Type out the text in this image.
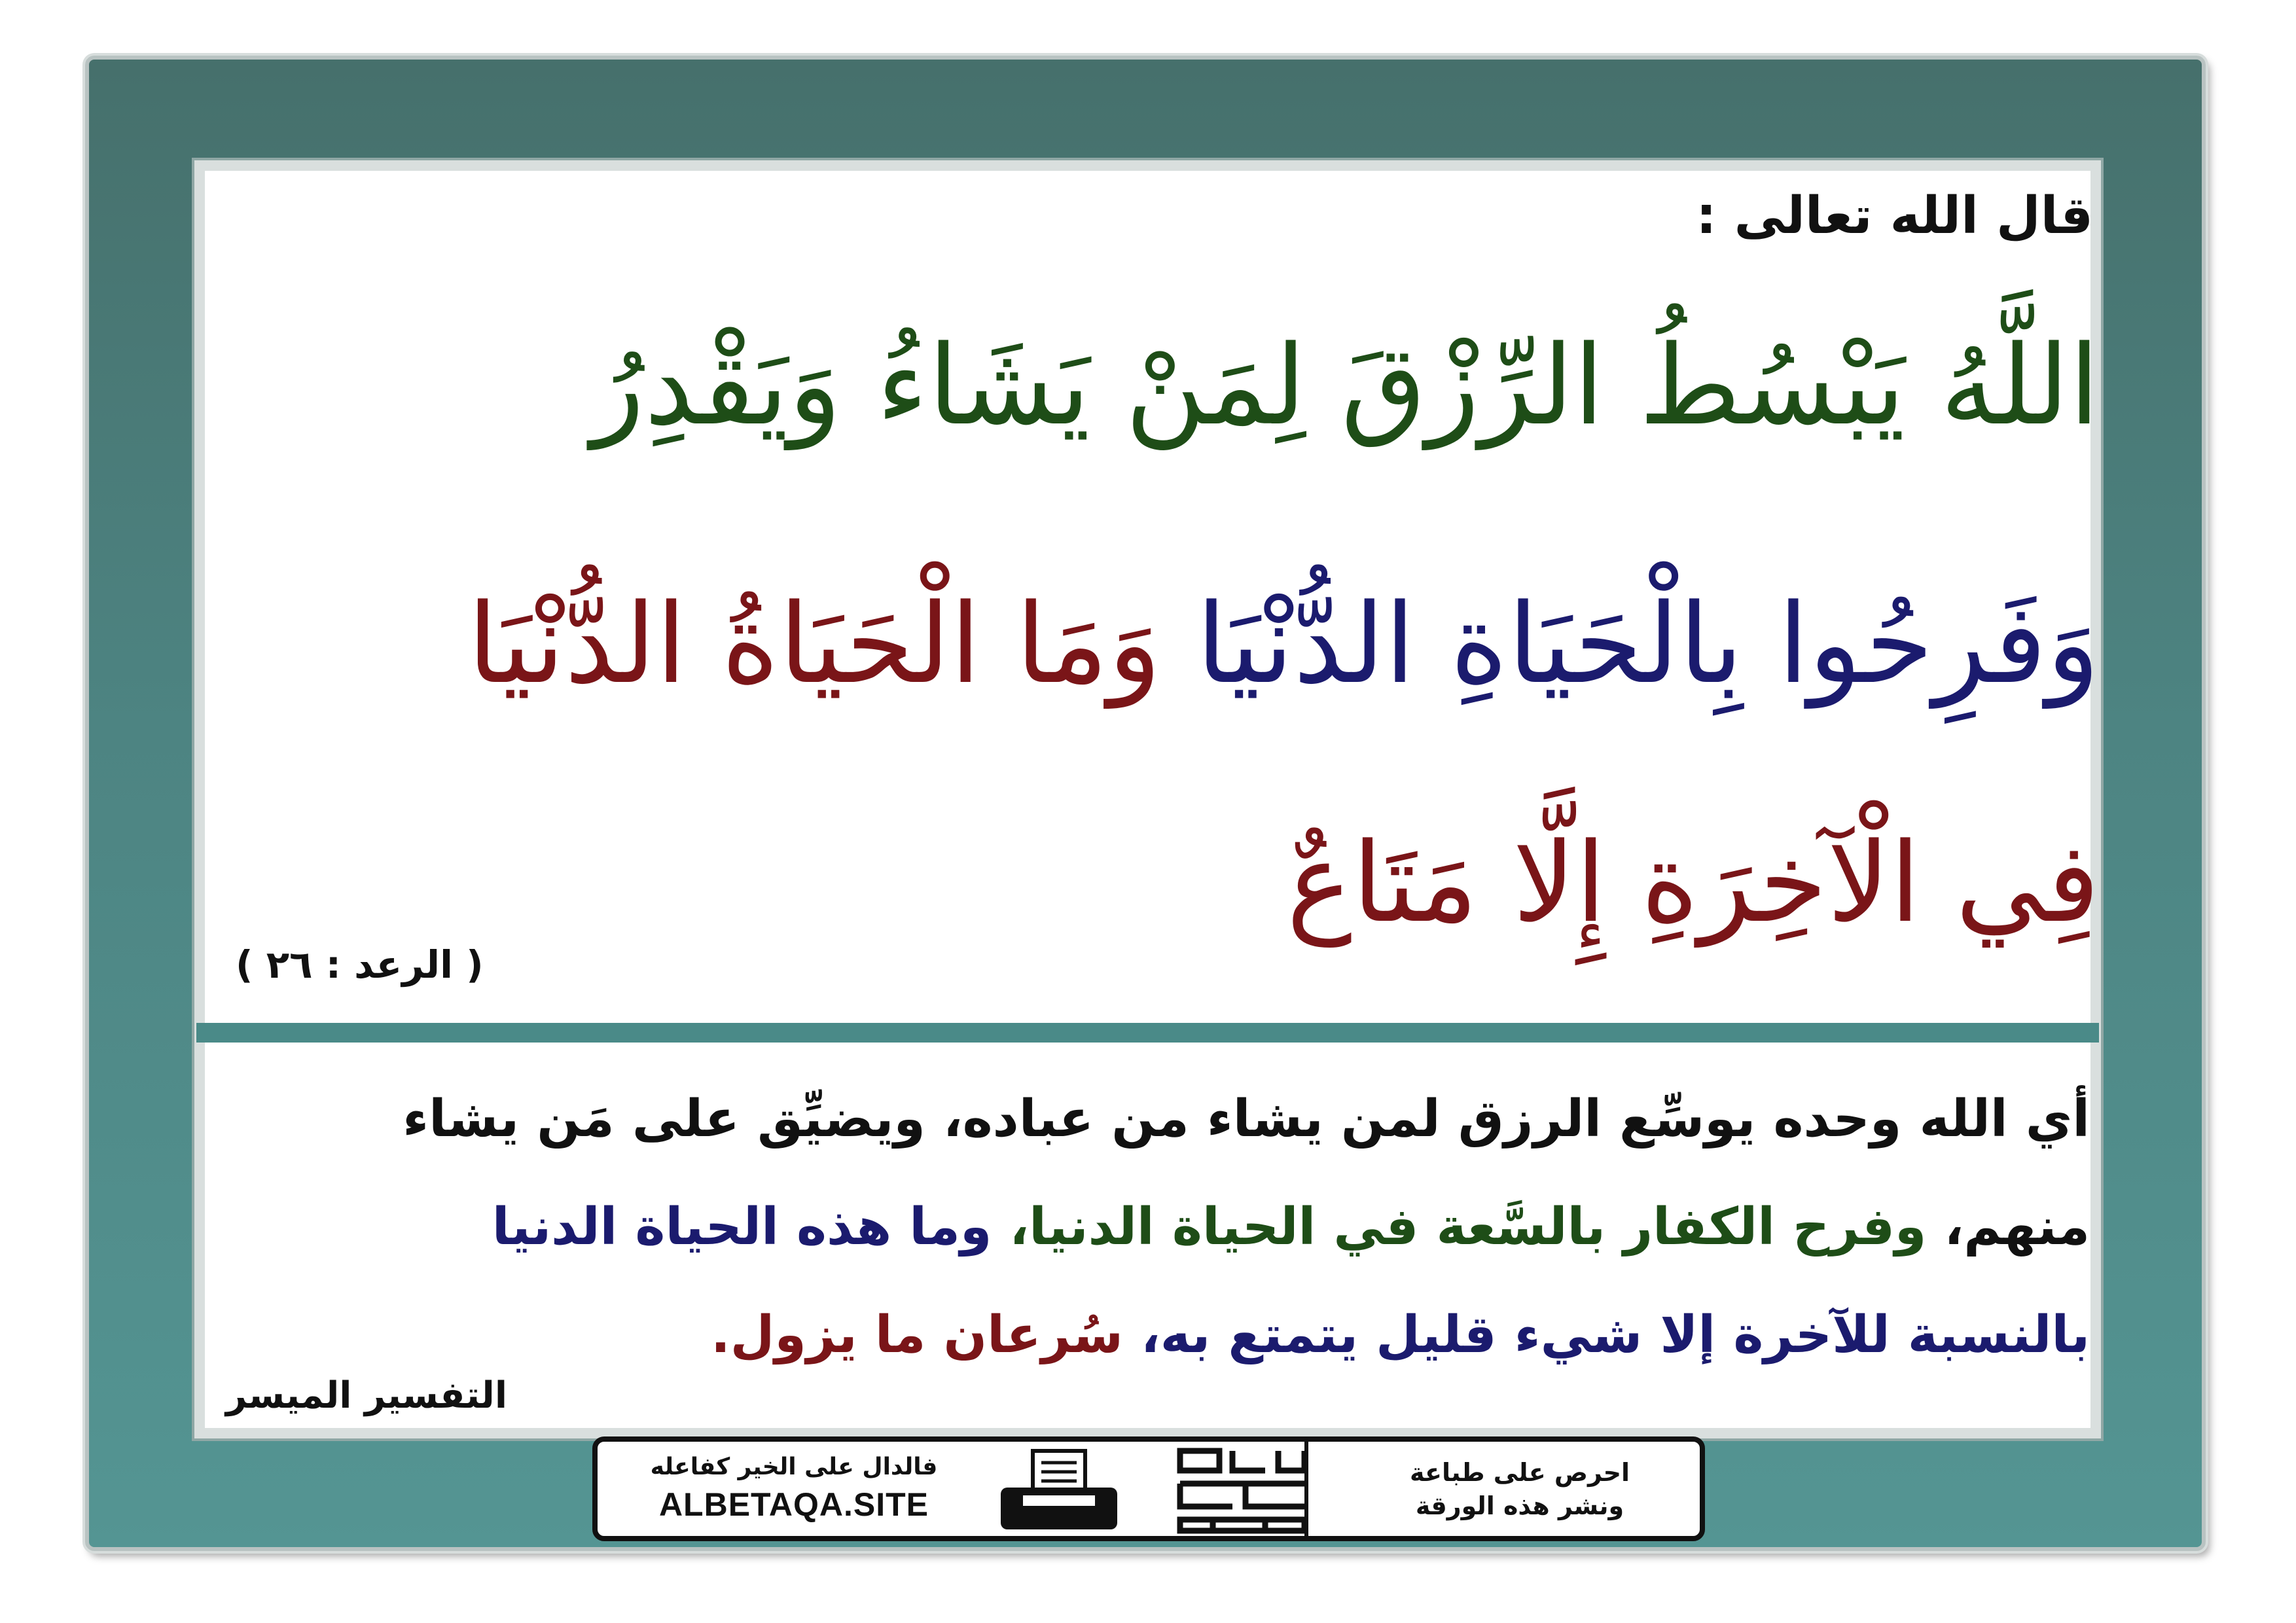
قال الله تعالى :
اللَّهُ يَبْسُطُ الرِّزْقَ لِمَنْ يَشَاءُ وَيَقْدِرُ
وَفَرِحُوا بِالْحَيَاةِ الدُّنْيَا وَمَا الْحَيَاةُ الدُّنْيَا
فِي الْآخِرَةِ إِلَّا مَتَاعٌ
( الرعد : ٢٦ )
أي الله وحده يوسِّع الرزق لمن يشاء من عباده، ويضيِّق على مَن يشاء
منهم، وفرح الكفار بالسَّعة في الحياة الدنيا، وما هذه الحياة الدنيا
بالنسبة للآخرة إلا شيء قليل يتمتع به، سُرعان ما يزول.
التفسير الميسر
فالدال على الخير كفاعله
ALBETAQA.SITE
احرص على طباعة
ونشر هذه الورقة
